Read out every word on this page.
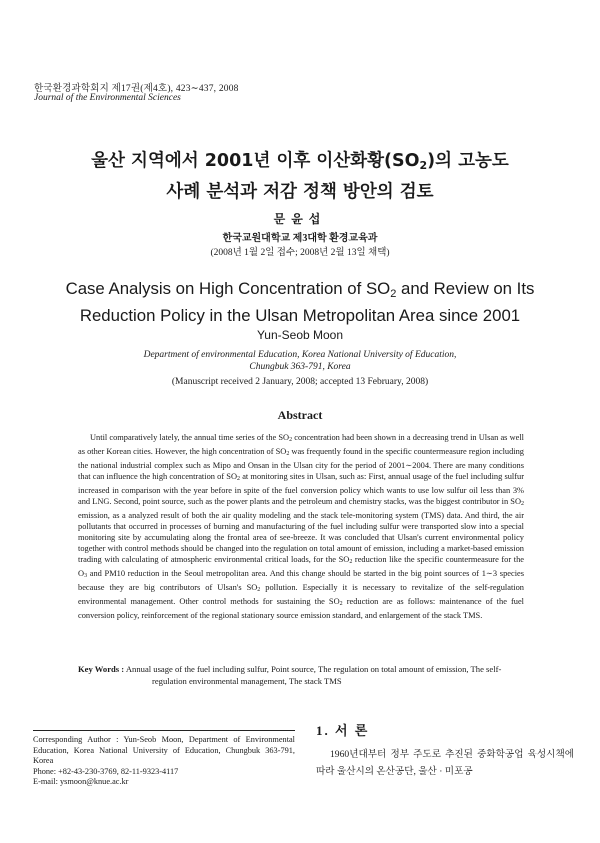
한국환경과학회지 제17권(제4호), 423∼437, 2008
Journal of the Environmental Sciences
울산 지역에서 2001년 이후 이산화황$(SO_2)$의 고농도
사례 분석과 저감 정책 방안의 검토
문윤섭
한국교원대학교 제3대학 환경교육과
(2008년 1월 2일 접수; 2008년 2월 13일 채택)
Case Analysis on High Concentration of $SO_2$ and Review on Its
Reduction Policy in the Ulsan Metropolitan Area since 2001
Yun-Seob Moon
Department of environmental Education, Korea National University of Education,
Chungbuk 363-791, Korea
(Manuscript received 2 January, 2008; accepted 13 February, 2008)
Abstract
Until comparatively lately, the annual time series of the SO2 concentration had been shown in a decreasing trend in Ulsan as well as other Korean cities. However, the high concentration of SO2 was frequently found in the specific countermeasure region including the national industrial complex such as Mipo and Onsan in the Ulsan city for the period of 2001∼2004. There are many conditions that can influence the high concentration of SO2 at monitoring sites in Ulsan, such as: First, annual usage of the fuel including sulfur increased in comparison with the year before in spite of the fuel conversion policy which wants to use low sulfur oil less than 3% and LNG. Second, point source, such as the power plants and the petroleum and chemistry stacks, was the biggest contributor in SO2 emission, as a analyzed result of both the air quality modeling and the stack tele-monitoring system (TMS) data. And third, the air pollutants that occurred in processes of burning and manufacturing of the fuel including sulfur were transported slow into a special monitoring site by accumulating along the frontal area of see-breeze. It was concluded that Ulsan's current environmental policy together with control methods should be changed into the regulation on total amount of emission, including a market-based emission trading with calculating of atmospheric environmental critical loads, for the SO2 reduction like the specific countermeasure for the O3 and PM10 reduction in the Seoul metropolitan area. And this change should be started in the big point sources of 1∼3 species because they are big contributors of Ulsan's SO2 pollution. Especially it is necessary to revitalize of the self-regulation environmental management. Other control methods for sustaining the SO2 reduction are as follows: maintenance of the fuel conversion policy, reinforcement of the regional stationary source emission standard, and enlargement of the stack TMS.
Key Words : Annual usage of the fuel including sulfur, Point source, The regulation on total amount of emission, The self-regulation environmental management, The stack TMS
Corresponding Author : Yun-Seob Moon, Department of Environmental Education, Korea National University of Education, Chungbuk 363-791, Korea
Phone: +82-43-230-3769, 82-11-9323-4117
E-mail: ysmoon@knue.ac.kr
1. 서 론
1960년대부터 정부 주도로 추진된 중화학공업 육성시책에 따라 울산시의 온산공단, 울산 · 미포공
